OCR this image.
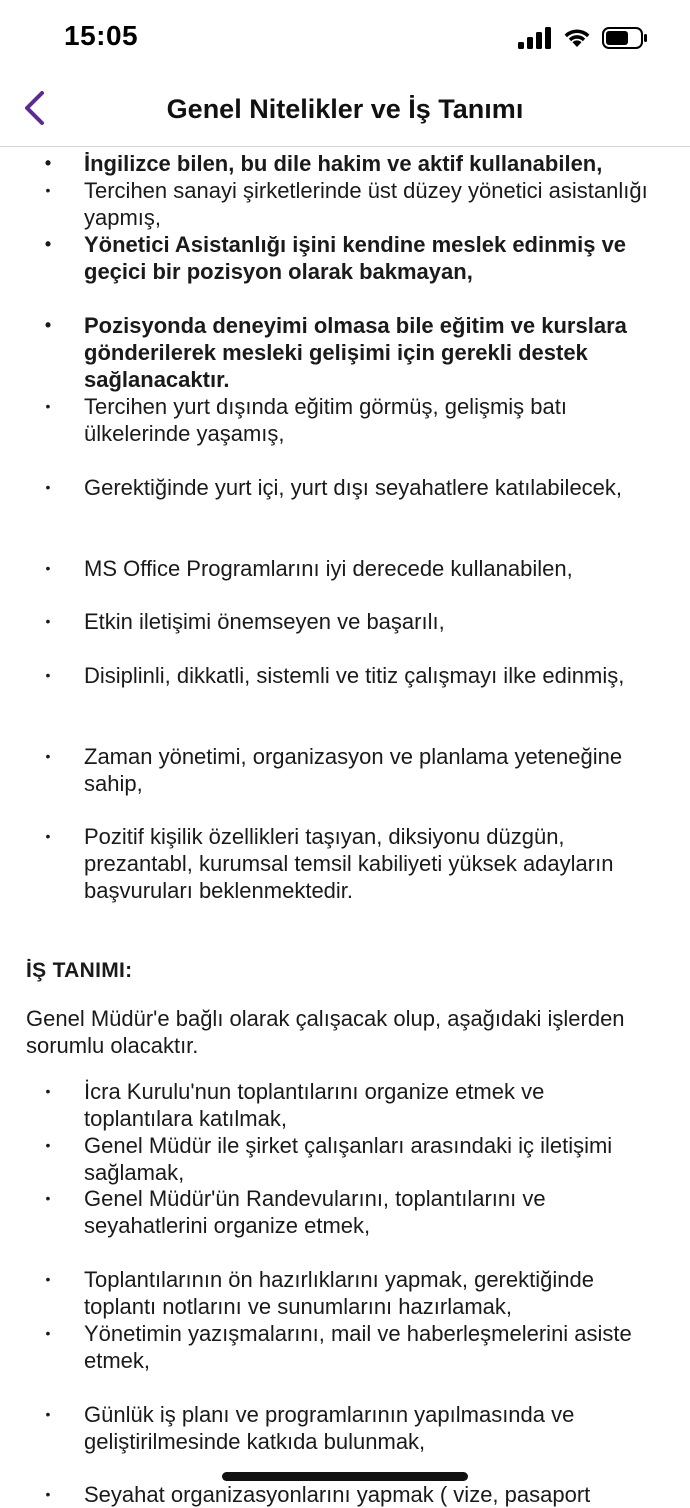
15:05
Genel Nitelikler ve İş Tanımı
• İngilizce bilen, bu dile hakim ve aktif kullanabilen,
• Tercihen sanayi şirketlerinde üst düzey yönetici asistanlığı yapmış,
• Yönetici Asistanlığı işini kendine meslek edinmiş ve geçici bir pozisyon olarak bakmayan,
• Pozisyonda deneyimi olmasa bile eğitim ve kurslara gönderilerek mesleki gelişimi için gerekli destek sağlanacaktır.
• Tercihen yurt dışında eğitim görmüş, gelişmiş batı ülkelerinde yaşamış,
• Gerektiğinde yurt içi, yurt dışı seyahatlere katılabilecek,
• MS Office Programlarını iyi derecede kullanabilen,
• Etkin iletişimi önemseyen ve başarılı,
• Disiplinli, dikkatli, sistemli ve titiz çalışmayı ilke edinmiş,
• Zaman yönetimi, organizasyon ve planlama yeteneğine sahip,
• Pozitif kişilik özellikleri taşıyan, diksiyonu düzgün, prezantabl, kurumsal temsil kabiliyeti yüksek adayların başvuruları beklenmektedir.
İŞ TANIMI:
Genel Müdür'e bağlı olarak çalışacak olup, aşağıdaki işlerden sorumlu olacaktır.
• İcra Kurulu'nun toplantılarını organize etmek ve toplantılara katılmak,
• Genel Müdür ile şirket çalışanları arasındaki iç iletişimi sağlamak,
• Genel Müdür'ün Randevularını, toplantılarını ve seyahatlerini organize etmek,
• Toplantılarının ön hazırlıklarını yapmak, gerektiğinde toplantı notlarını ve sunumlarını hazırlamak,
• Yönetimin yazışmalarını, mail ve haberleşmelerini asiste etmek,
• Günlük iş planı ve programlarının yapılmasında ve geliştirilmesinde katkıda bulunmak,
• Seyahat organizasyonlarını yapmak ( vize, pasaport
